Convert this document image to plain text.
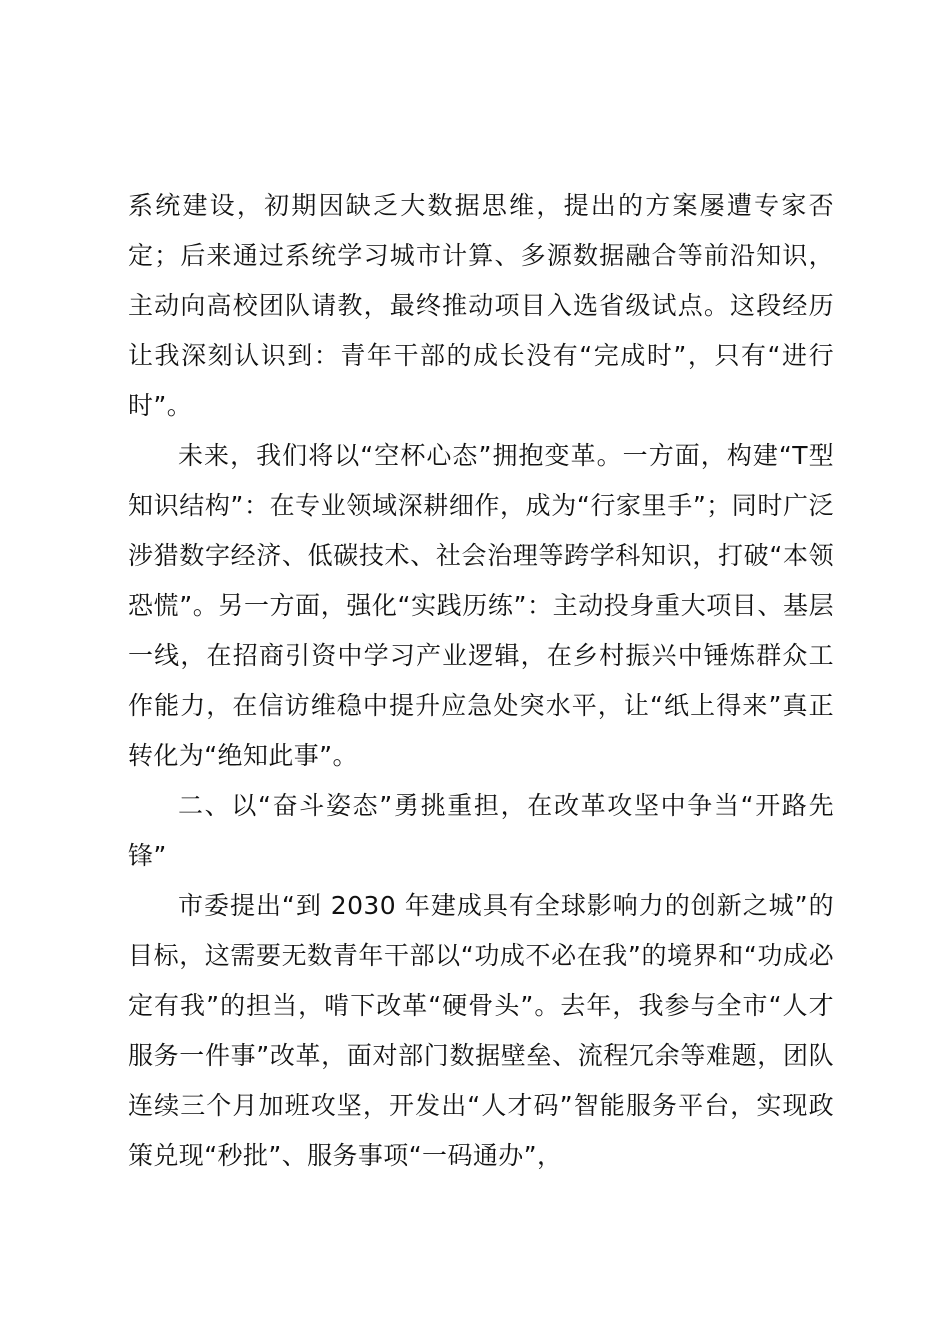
系统建设，初期因缺乏大数据思维，提出的方案屡遭专家否定；后来通过系统学习城市计算、多源数据融合等前沿知识，主动向高校团队请教，最终推动项目入选省级试点。这段经历让我深刻认识到：青年干部的成长没有“完成时”，只有“进行时”。

未来，我们将以“空杯心态”拥抱变革。一方面，构建“T型知识结构”：在专业领域深耕细作，成为“行家里手”；同时广泛涉猎数字经济、低碳技术、社会治理等跨学科知识，打破“本领恐慌”。另一方面，强化“实践历练”：主动投身重大项目、基层一线，在招商引资中学习产业逻辑，在乡村振兴中锤炼群众工作能力，在信访维稳中提升应急处突水平，让“纸上得来”真正转化为“绝知此事”。

二、以“奋斗姿态”勇挑重担，在改革攻坚中争当“开路先锋”

市委提出“到 2030 年建成具有全球影响力的创新之城”的目标，这需要无数青年干部以“功成不必在我”的境界和“功成必定有我”的担当，啃下改革“硬骨头”。去年，我参与全市“人才服务一件事”改革，面对部门数据壁垒、流程冗余等难题，团队连续三个月加班攻坚，开发出“人才码”智能服务平台，实现政策兑现“秒批”、服务事项“一码通办”，
